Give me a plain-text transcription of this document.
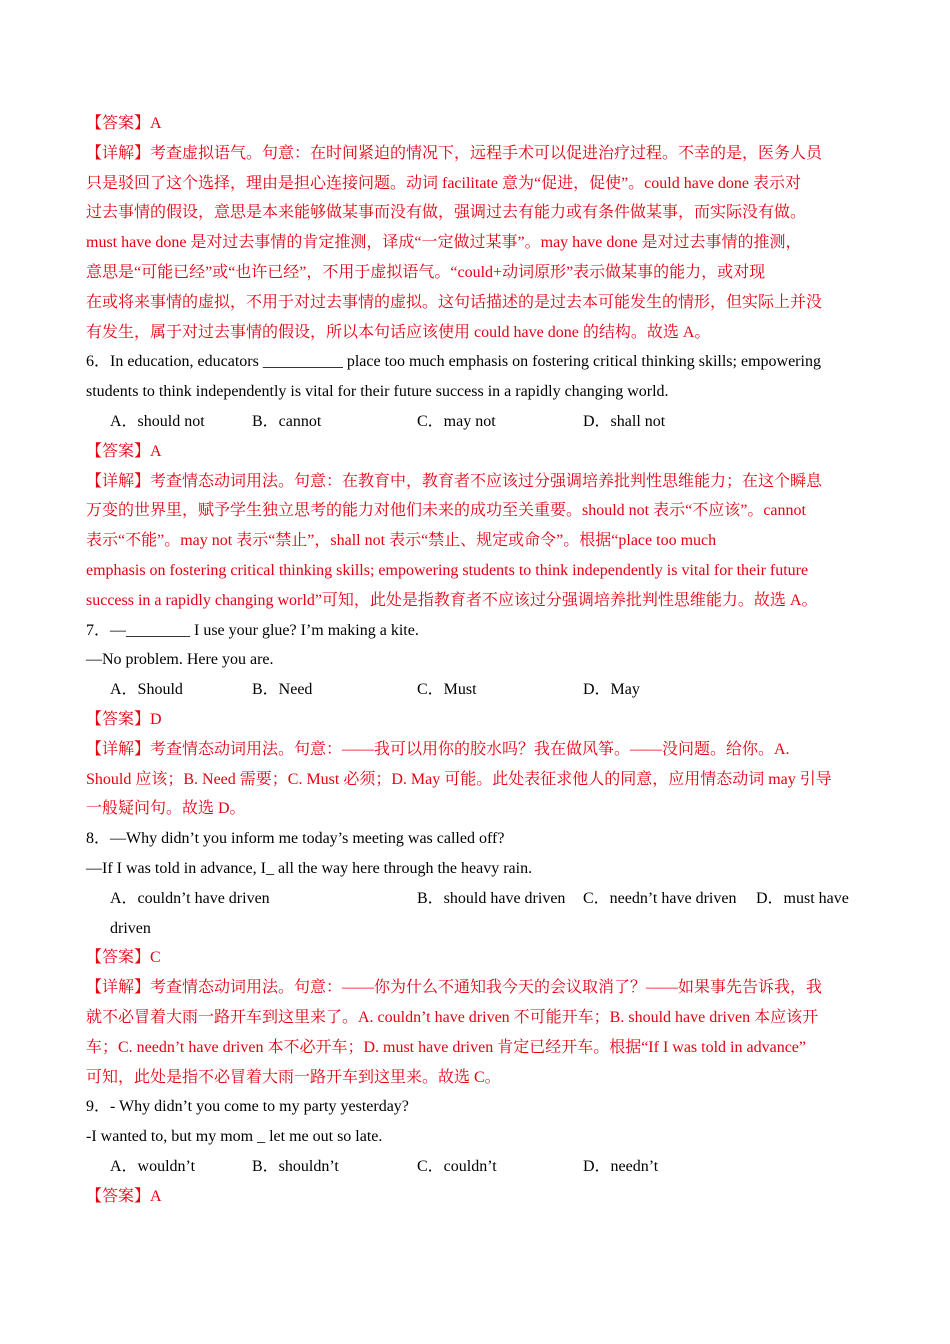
【答案】A
【详解】考查虚拟语气。句意：在时间紧迫的情况下，远程手术可以促进治疗过程。不幸的是，医务人员
只是驳回了这个选择，理由是担心连接问题。动词 facilitate 意为“促进，促使”。could have done 表示对
过去事情的假设，意思是本来能够做某事而没有做，强调过去有能力或有条件做某事，而实际没有做。
must have done 是对过去事情的肯定推测，译成“一定做过某事”。may have done 是对过去事情的推测，
意思是“可能已经”或“也许已经”，不用于虚拟语气。“could+动词原形”表示做某事的能力，或对现
在或将来事情的虚拟，不用于对过去事情的虚拟。这句话描述的是过去本可能发生的情形，但实际上并没
有发生，属于对过去事情的假设，所以本句话应该使用 could have done 的结构。故选 A。
6．In education, educators __________ place too much emphasis on fostering critical thinking skills; empowering
students to think independently is vital for their future success in a rapidly changing world.
A．should not	B．cannot	C．may not	D．shall not
【答案】A
【详解】考查情态动词用法。句意：在教育中，教育者不应该过分强调培养批判性思维能力；在这个瞬息
万变的世界里，赋予学生独立思考的能力对他们未来的成功至关重要。should not 表示“不应该”。cannot
表示“不能”。may not 表示“禁止”，shall not 表示“禁止、规定或命令”。根据“place too much
emphasis on fostering critical thinking skills; empowering students to think independently is vital for their future
success in a rapidly changing world”可知，此处是指教育者不应该过分强调培养批判性思维能力。故选 A。
7．—________ I use your glue? I’m making a kite.
—No problem. Here you are.
A．Should	B．Need	C．Must	D．May
【答案】D
【详解】考查情态动词用法。句意：——我可以用你的胶水吗？我在做风筝。——没问题。给你。A.
Should 应该；B. Need 需要；C. Must 必须；D. May 可能。此处表征求他人的同意，应用情态动词 may 引导
一般疑问句。故选 D。
8．—Why didn’t you inform me today’s meeting was called off?
—If I was told in advance, I_ all the way here through the heavy rain.
A．couldn’t have driven	B．should have driven C．needn’t have driven D．must have
driven
【答案】C
【详解】考查情态动词用法。句意：——你为什么不通知我今天的会议取消了？——如果事先告诉我，我
就不必冒着大雨一路开车到这里来了。A. couldn’t have driven 不可能开车；B. should have driven 本应该开
车；C. needn’t have driven 本不必开车；D. must have driven 肯定已经开车。根据“If I was told in advance”
可知，此处是指不必冒着大雨一路开车到这里来。故选 C。
9．- Why didn’t you come to my party yesterday?
-I wanted to, but my mom _ let me out so late.
A．wouldn’t	B．shouldn’t	C．couldn’t	D．needn’t
【答案】A
